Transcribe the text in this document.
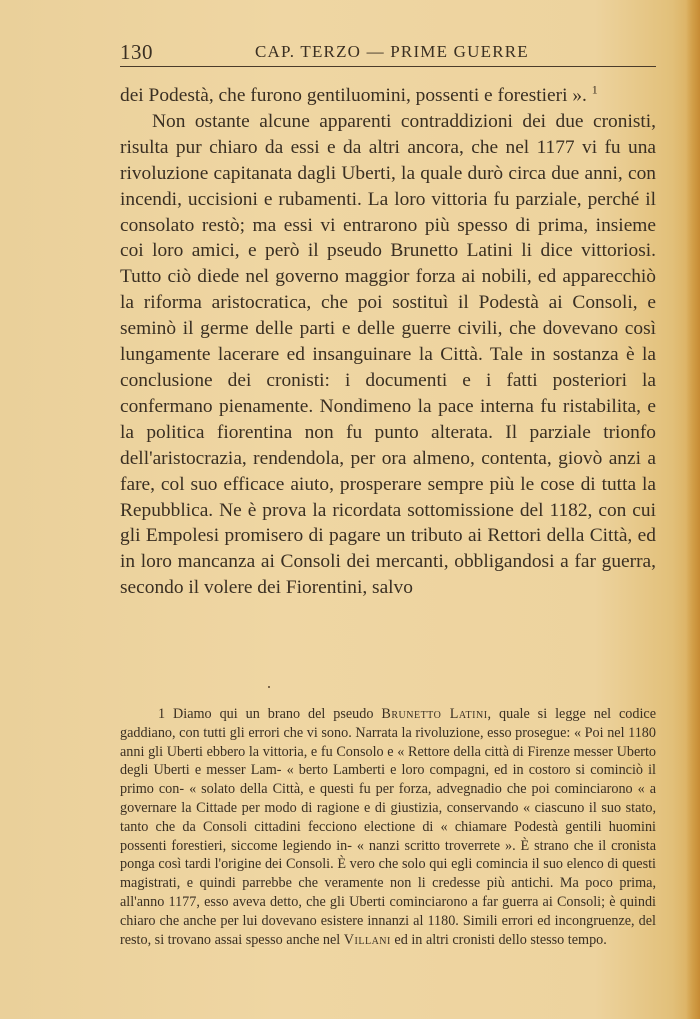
130	CAP. TERZO — PRIME GUERRE

dei Podestà, che furono gentiluomini, possenti e forestieri ». $^1$

Non ostante alcune apparenti contraddizioni dei due cronisti, risulta pur chiaro da essi e da altri ancora, che nel 1177 vi fu una rivoluzione capitanata dagli Uberti, la quale durò circa due anni, con incendi, uccisioni e rubamenti. La loro vittoria fu parziale, perché il consolato restò; ma essi vi entrarono più spesso di prima, insieme coi loro amici, e però il pseudo Brunetto Latini li dice vittoriosi. Tutto ciò diede nel governo maggior forza ai nobili, ed apparecchiò la riforma aristocratica, che poi sostituì il Podestà ai Consoli, e seminò il germe delle parti e delle guerre civili, che dovevano così lungamente lacerare ed insanguinare la Città. Tale in sostanza è la conclusione dei cronisti: i documenti e i fatti posteriori la confermano pienamente. Nondimeno la pace interna fu ristabilita, e la politica fiorentina non fu punto alterata. Il parziale trionfo dell'aristocrazia, rendendola, per ora almeno, contenta, giovò anzi a fare, col suo efficace aiuto, prosperare sempre più le cose di tutta la Repubblica. Ne è prova la ricordata sottomissione del 1182, con cui gli Empolesi promisero di pagare un tributo ai Rettori della Città, ed in loro mancanza ai Consoli dei mercanti, obbligandosi a far guerra, secondo il volere dei Fiorentini, salvo

1 Diamo qui un brano del pseudo Brunetto Latini, quale si legge nel codice gaddiano, con tutti gli errori che vi sono. Narrata la rivoluzione, esso prosegue: « Poi nel 1180 anni gli Uberti ebbero la vittoria, e fu Consolo e « Rettore della città di Firenze messer Uberto degli Uberti e messer Lam- « berto Lamberti e loro compagni, ed in costoro si cominciò il primo con- « solato della Città, e questi fu per forza, advegnadio che poi cominciarono « a governare la Cittade per modo di ragione e di giustizia, conservando « ciascuno il suo stato, tanto che da Consoli cittadini fecciono electione di « chiamare Podestà gentili huomini possenti forestieri, siccome legiendo in- « nanzi scritto troverrete ». È strano che il cronista ponga così tardi l'origine dei Consoli. È vero che solo qui egli comincia il suo elenco di questi magistrati, e quindi parrebbe che veramente non li credesse più antichi. Ma poco prima, all'anno 1177, esso aveva detto, che gli Uberti cominciarono a far guerra ai Consoli; è quindi chiaro che anche per lui dovevano esistere innanzi al 1180. Simili errori ed incongruenze, del resto, si trovano assai spesso anche nel Villani ed in altri cronisti dello stesso tempo.
